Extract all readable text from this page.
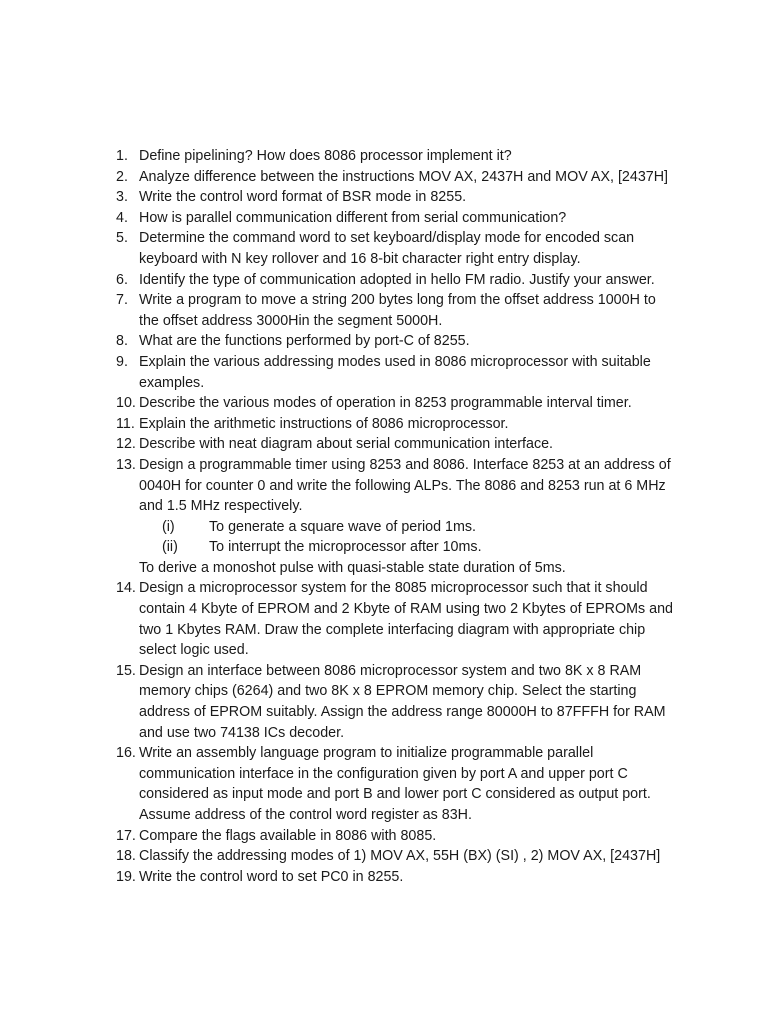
1. Define pipelining? How does 8086 processor implement it?
2. Analyze difference between the instructions MOV AX, 2437H and MOV AX, [2437H]
3. Write the control word format of BSR mode in 8255.
4. How is parallel communication different from serial communication?
5. Determine the command word to set keyboard/display mode for encoded scan keyboard with N key rollover and 16 8-bit character right entry display.
6. Identify the type of communication adopted in hello FM radio. Justify your answer.
7. Write a program to move a string 200 bytes long from the offset address 1000H to the offset address 3000Hin the segment 5000H.
8. What are the functions performed by port-C of 8255.
9. Explain the various addressing modes used in 8086 microprocessor with suitable examples.
10. Describe the various modes of operation in 8253 programmable interval timer.
11. Explain the arithmetic instructions of 8086 microprocessor.
12. Describe with neat diagram about serial communication interface.
13. Design a programmable timer using 8253 and 8086. Interface 8253 at an address of 0040H for counter 0 and write the following ALPs. The 8086 and 8253 run at 6 MHz and 1.5 MHz respectively.
(i) To generate a square wave of period 1ms.
(ii) To interrupt the microprocessor after 10ms.
To derive a monoshot pulse with quasi-stable state duration of 5ms.
14. Design a microprocessor system for the 8085 microprocessor such that it should contain 4 Kbyte of EPROM and 2 Kbyte of RAM using two 2 Kbytes of EPROMs and two 1 Kbytes RAM. Draw the complete interfacing diagram with appropriate chip select logic used.
15. Design an interface between 8086 microprocessor system and two 8K x 8 RAM memory chips (6264) and two 8K x 8 EPROM memory chip. Select the starting address of EPROM suitably. Assign the address range 80000H to 87FFFH for RAM and use two 74138 ICs decoder.
16. Write an assembly language program to initialize programmable parallel communication interface in the configuration given by port A and upper port C considered as input mode and port B and lower port C considered as output port. Assume address of the control word register as 83H.
17. Compare the flags available in 8086 with 8085.
18. Classify the addressing modes of 1) MOV AX, 55H (BX) (SI) , 2) MOV AX, [2437H]
19. Write the control word to set PC0 in 8255.
